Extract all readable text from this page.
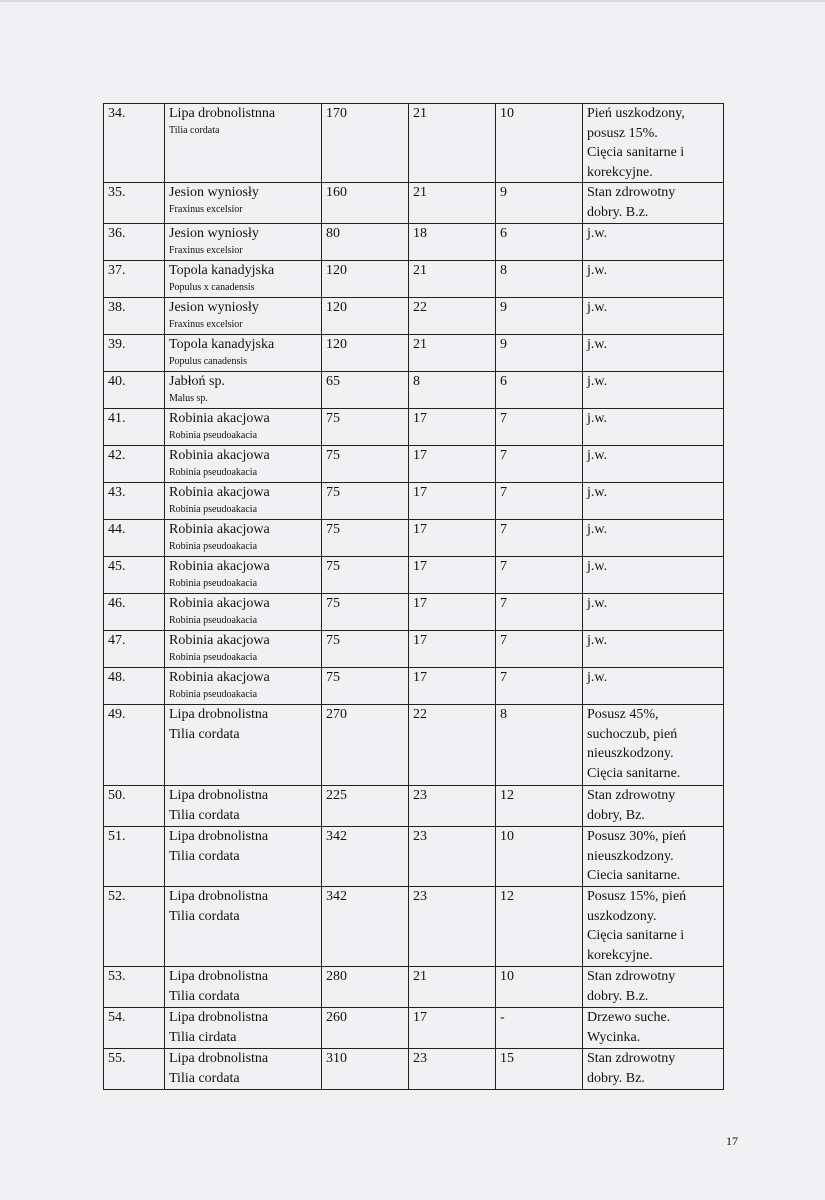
34.	Lipa drobnolistnna
Tilia cordata	170	21	10	Pień uszkodzony,
posusz 15%.
Cięcia sanitarne i
korekcyjne.

35.	Jesion wyniosły
Fraxinus excelsior	160	21	9	Stan zdrowotny
dobry. B.z.

36.	Jesion wyniosły
Fraxinus excelsior	80	18	6	j.w.

37.	Topola kanadyjska
Populus x canadensis	120	21	8	j.w.

38.	Jesion wyniosły
Fraxinus excelsior	120	22	9	j.w.

39.	Topola kanadyjska
Populus canadensis	120	21	9	j.w.

40.	Jabłoń sp.
Malus sp.	65	8	6	j.w.

41.	Robinia akacjowa
Robinia pseudoakacia	75	17	7	j.w.

42.	Robinia akacjowa
Robinia pseudoakacia	75	17	7	j.w.

43.	Robinia akacjowa
Robinia pseudoakacia	75	17	7	j.w.

44.	Robinia akacjowa
Robinia pseudoakacia	75	17	7	j.w.

45.	Robinia akacjowa
Robinia pseudoakacia	75	17	7	j.w.

46.	Robinia akacjowa
Robinia pseudoakacia	75	17	7	j.w.

47.	Robinia akacjowa
Robinia pseudoakacia	75	17	7	j.w.

48.	Robinia akacjowa
Robinia pseudoakacia	75	17	7	j.w.

49.	Lipa drobnolistna
Tilia cordata	270	22	8	Posusz 45%,
suchoczub, pień
nieuszkodzony.
Cięcia sanitarne.

50.	Lipa drobnolistna
Tilia cordata	225	23	12	Stan zdrowotny
dobry, Bz.

51.	Lipa drobnolistna
Tilia cordata	342	23	10	Posusz 30%, pień
nieuszkodzony.
Ciecia sanitarne.

52.	Lipa drobnolistna
Tilia cordata	342	23	12	Posusz 15%, pień
uszkodzony.
Cięcia sanitarne i
korekcyjne.

53.	Lipa drobnolistna
Tilia cordata	280	21	10	Stan zdrowotny
dobry. B.z.

54.	Lipa drobnolistna
Tilia cirdata	260	17	-	Drzewo suche.
Wycinka.

55.	Lipa drobnolistna
Tilia cordata	310	23	15	Stan zdrowotny
dobry. Bz.
17
